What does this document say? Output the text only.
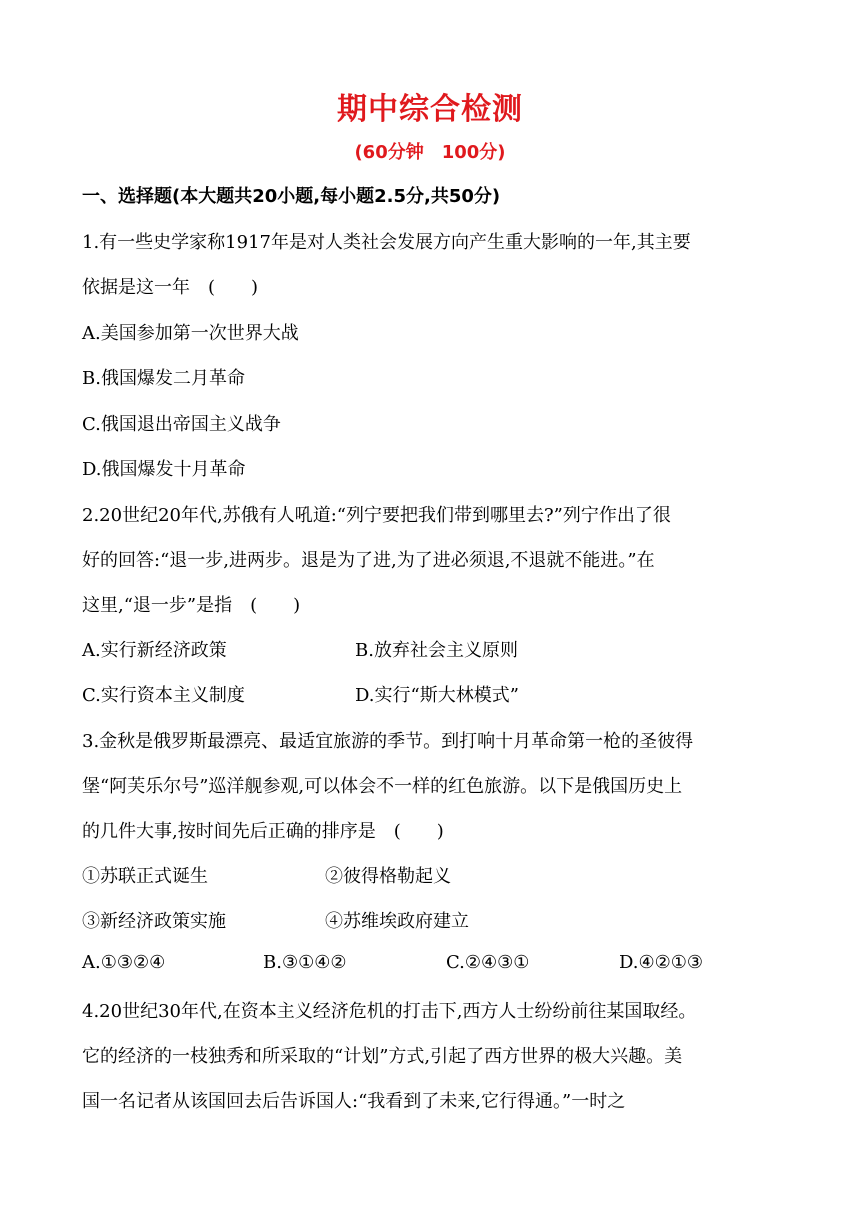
期中综合检测
(60分钟　100分)
一、选择题(本大题共20小题,每小题2.5分,共50分)
1.有一些史学家称1917年是对人类社会发展方向产生重大影响的一年,其主要
依据是这一年　(　　)
A.美国参加第一次世界大战
B.俄国爆发二月革命
C.俄国退出帝国主义战争
D.俄国爆发十月革命
2.20世纪20年代,苏俄有人吼道:“列宁要把我们带到哪里去?”列宁作出了很
好的回答:“退一步,进两步。退是为了进,为了进必须退,不退就不能进。”在
这里,“退一步”是指　(　　)
A.实行新经济政策	B.放弃社会主义原则
C.实行资本主义制度	D.实行“斯大林模式”
3.金秋是俄罗斯最漂亮、最适宜旅游的季节。到打响十月革命第一枪的圣彼得
堡“阿芙乐尔号”巡洋舰参观,可以体会不一样的红色旅游。以下是俄国历史上
的几件大事,按时间先后正确的排序是　(　　)
①苏联正式诞生	②彼得格勒起义
③新经济政策实施	④苏维埃政府建立
A.①③②④	B.③①④②	C.②④③①	D.④②①③
4.20世纪30年代,在资本主义经济危机的打击下,西方人士纷纷前往某国取经。
它的经济的一枝独秀和所采取的“计划”方式,引起了西方世界的极大兴趣。美
国一名记者从该国回去后告诉国人:“我看到了未来,它行得通。”一时之
